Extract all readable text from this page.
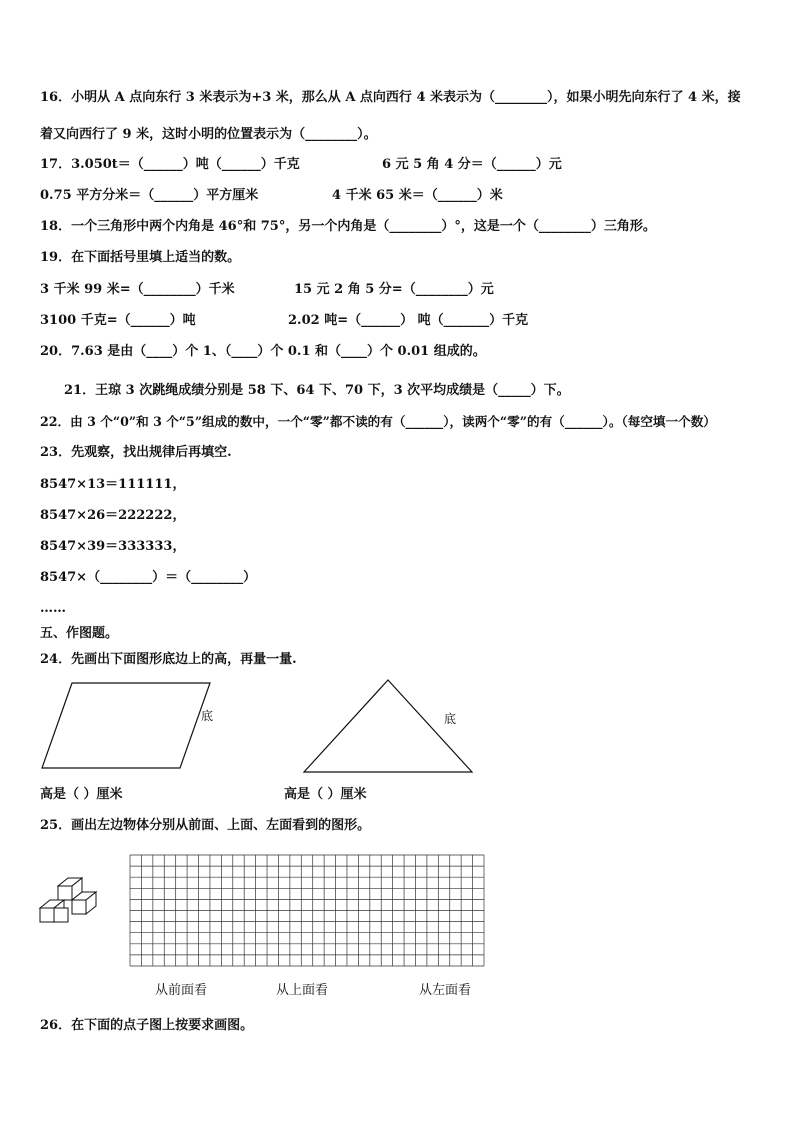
16．小明从 A 点向东行 3 米表示为+3 米，那么从 A 点向西行 4 米表示为（________），如果小明先向东行了 4 米，接
着又向西行了 9 米，这时小明的位置表示为（________）。
17．3.050t＝（______）吨（______）千克	6 元 5 角 4 分＝（______）元
0.75 平方分米＝（______）平方厘米	4 千米 65 米＝（______）米
18．一个三角形中两个内角是 46°和 75°，另一个内角是（________）°，这是一个（________）三角形。
19．在下面括号里填上适当的数。
3 千米 99 米=（________）千米	15 元 2 角 5 分=（________）元
3100 千克=（______）吨	2.02 吨=（______） 吨（_______）千克
20．7.63 是由（____）个 1、（____）个 0.1 和（____）个 0.01 组成的。
21．王琼 3 次跳绳成绩分别是 58 下、64 下、70 下，3 次平均成绩是（_____）下。
22．由 3 个“0”和 3 个“5”组成的数中，一个“零”都不读的有（______），读两个“零”的有（______）。（每空填一个数）
23．先观察，找出规律后再填空.
8547×13＝111111，
8547×26＝222222，
8547×39＝333333，
8547×（________）＝（________）
……
五、作图题。
24．先画出下面图形底边上的高，再量一量.
底	底
高是（ ）厘米	高是（ ）厘米
25．画出左边物体分别从前面、上面、左面看到的图形。
从前面看	从上面看	从左面看
26．在下面的点子图上按要求画图。
